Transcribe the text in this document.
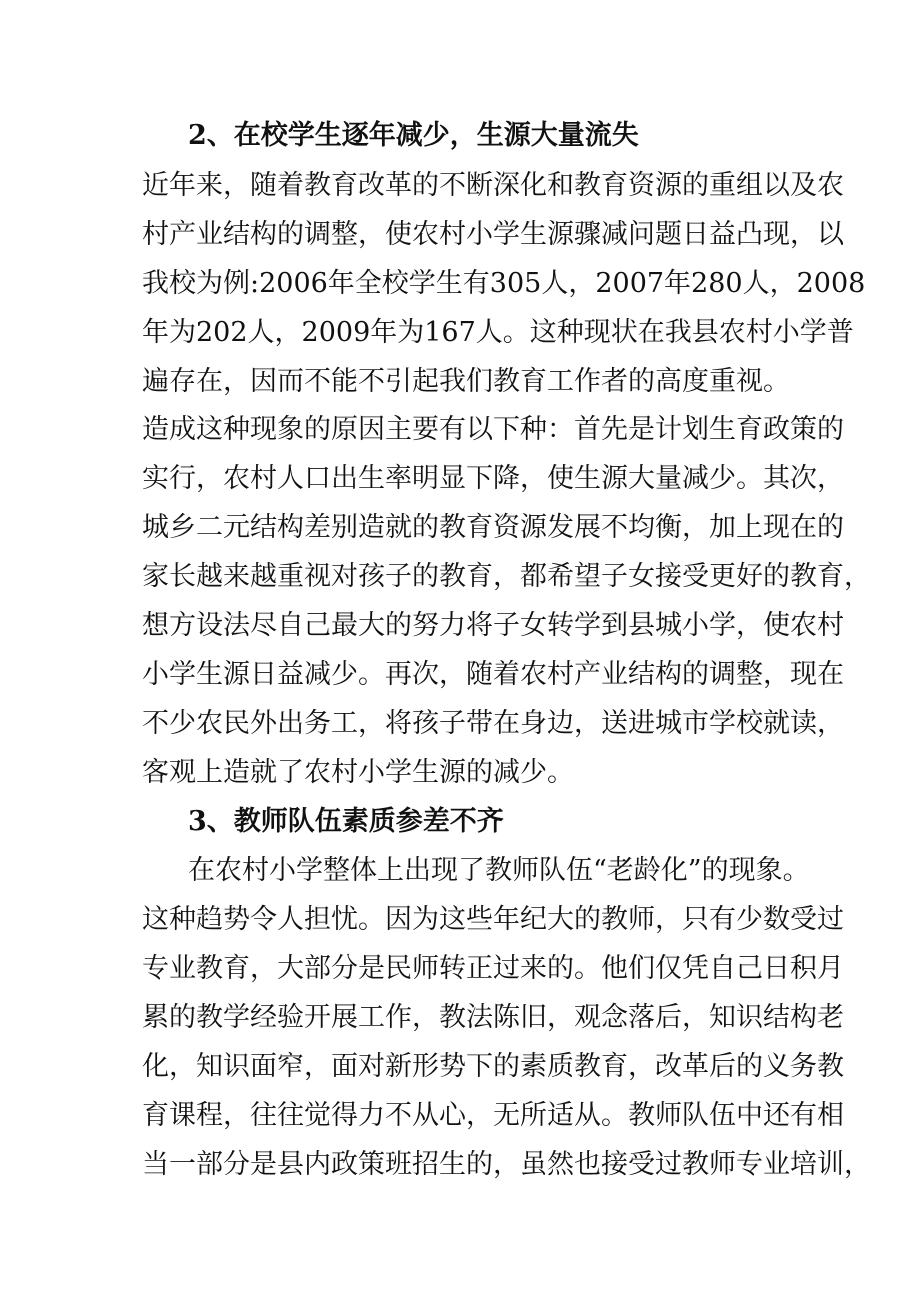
2、在校学生逐年减少，生源大量流失
近年来，随着教育改革的不断深化和教育资源的重组以及农
村产业结构的调整，使农村小学生源骤减问题日益凸现，以
我校为例:2006年全校学生有305人，2007年280人，2008
年为202人，2009年为167人。这种现状在我县农村小学普
遍存在，因而不能不引起我们教育工作者的高度重视。
造成这种现象的原因主要有以下种：首先是计划生育政策的
实行，农村人口出生率明显下降，使生源大量减少。其次，
城乡二元结构差别造就的教育资源发展不均衡，加上现在的
家长越来越重视对孩子的教育，都希望子女接受更好的教育，
想方设法尽自己最大的努力将子女转学到县城小学，使农村
小学生源日益减少。再次，随着农村产业结构的调整，现在
不少农民外出务工，将孩子带在身边，送进城市学校就读，
客观上造就了农村小学生源的减少。
3、教师队伍素质参差不齐
在农村小学整体上出现了教师队伍“老龄化”的现象。
这种趋势令人担忧。因为这些年纪大的教师，只有少数受过
专业教育，大部分是民师转正过来的。他们仅凭自己日积月
累的教学经验开展工作，教法陈旧，观念落后，知识结构老
化，知识面窄，面对新形势下的素质教育，改革后的义务教
育课程，往往觉得力不从心，无所适从。教师队伍中还有相
当一部分是县内政策班招生的，虽然也接受过教师专业培训，
